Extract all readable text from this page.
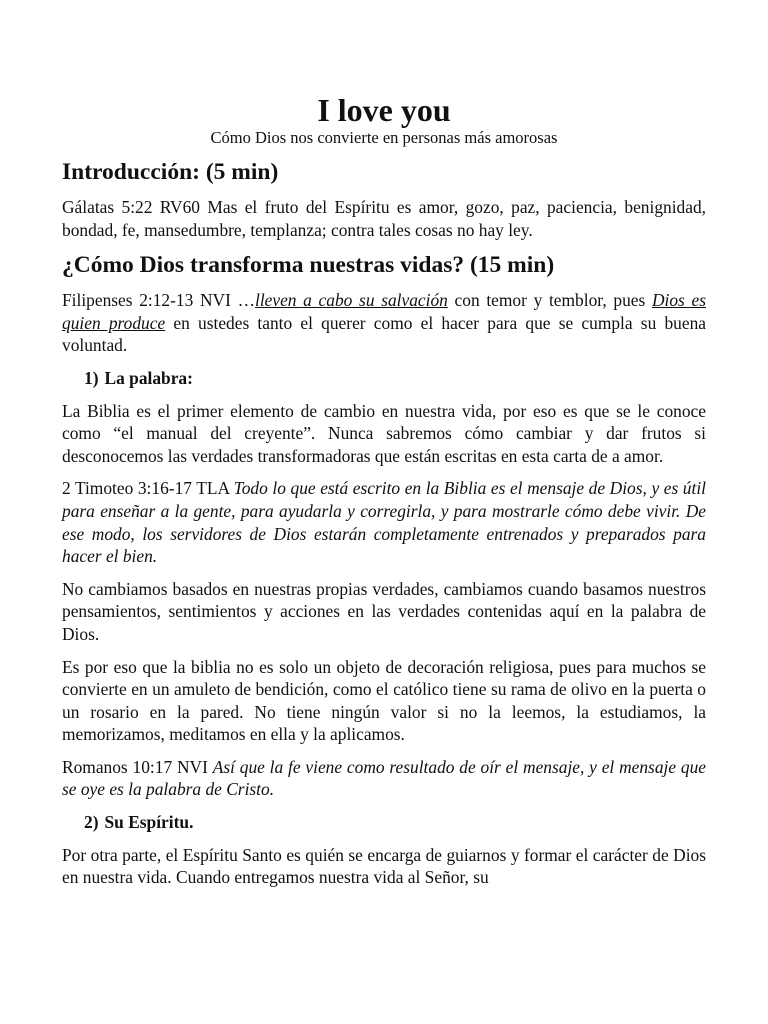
I love you
Cómo Dios nos convierte en personas más amorosas
Introducción: (5 min)

Gálatas 5:22 RV60 Mas el fruto del Espíritu es amor, gozo, paz, paciencia, benignidad, bondad, fe, mansedumbre, templanza; contra tales cosas no hay ley.

¿Cómo Dios transforma nuestras vidas? (15 min)

Filipenses 2:12-13 NVI …lleven a cabo su salvación con temor y temblor, pues Dios es quien produce en ustedes tanto el querer como el hacer para que se cumpla su buena voluntad.

1) La palabra:

La Biblia es el primer elemento de cambio en nuestra vida, por eso es que se le conoce como “el manual del creyente”. Nunca sabremos cómo cambiar y dar frutos si desconocemos las verdades transformadoras que están escritas en esta carta de a amor.

2 Timoteo 3:16-17 TLA Todo lo que está escrito en la Biblia es el mensaje de Dios, y es útil para enseñar a la gente, para ayudarla y corregirla, y para mostrarle cómo debe vivir. De ese modo, los servidores de Dios estarán completamente entrenados y preparados para hacer el bien.

No cambiamos basados en nuestras propias verdades, cambiamos cuando basamos nuestros pensamientos, sentimientos y acciones en las verdades contenidas aquí en la palabra de Dios.

Es por eso que la biblia no es solo un objeto de decoración religiosa, pues para muchos se convierte en un amuleto de bendición, como el católico tiene su rama de olivo en la puerta o un rosario en la pared. No tiene ningún valor si no la leemos, la estudiamos, la memorizamos, meditamos en ella y la aplicamos.

Romanos 10:17 NVI Así que la fe viene como resultado de oír el mensaje, y el mensaje que se oye es la palabra de Cristo.

2) Su Espíritu.

Por otra parte, el Espíritu Santo es quién se encarga de guiarnos y formar el carácter de Dios en nuestra vida. Cuando entregamos nuestra vida al Señor, su
